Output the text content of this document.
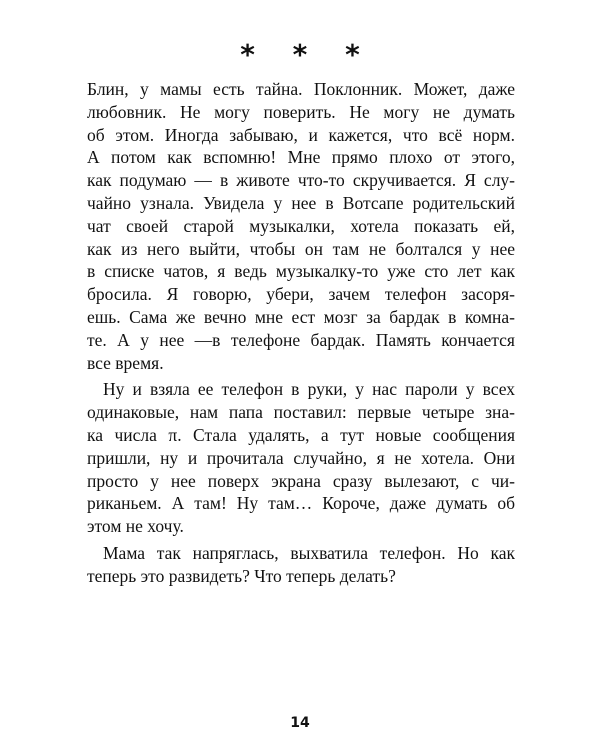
* * *
Блин, у мамы есть тайна. Поклонник. Может, даже
любовник. Не могу поверить. Не могу не думать
об этом. Иногда забываю, и кажется, что всё норм.
А потом как вспомню! Мне прямо плохо от этого,
как подумаю — в животе что-то скручивается. Я слу-
чайно узнала. Увидела у нее в Вотсапе родительский
чат своей старой музыкалки, хотела показать ей,
как из него выйти, чтобы он там не болтался у нее
в списке чатов, я ведь музыкалку-то уже сто лет как
бросила. Я говорю, убери, зачем телефон засоря-
ешь. Сама же вечно мне ест мозг за бардак в комна-
те. А у нее —в телефоне бардак. Память кончается
все время.
Ну и взяла ее телефон в руки, у нас пароли у всех
одинаковые, нам папа поставил: первые четыре зна-
ка числа π. Стала удалять, а тут новые сообщения
пришли, ну и прочитала случайно, я не хотела. Они
просто у нее поверх экрана сразу вылезают, с чи-
риканьем. А там! Ну там… Короче, даже думать об
этом не хочу.
Мама так напряглась, выхватила телефон. Но как
теперь это развидеть? Что теперь делать?
14
